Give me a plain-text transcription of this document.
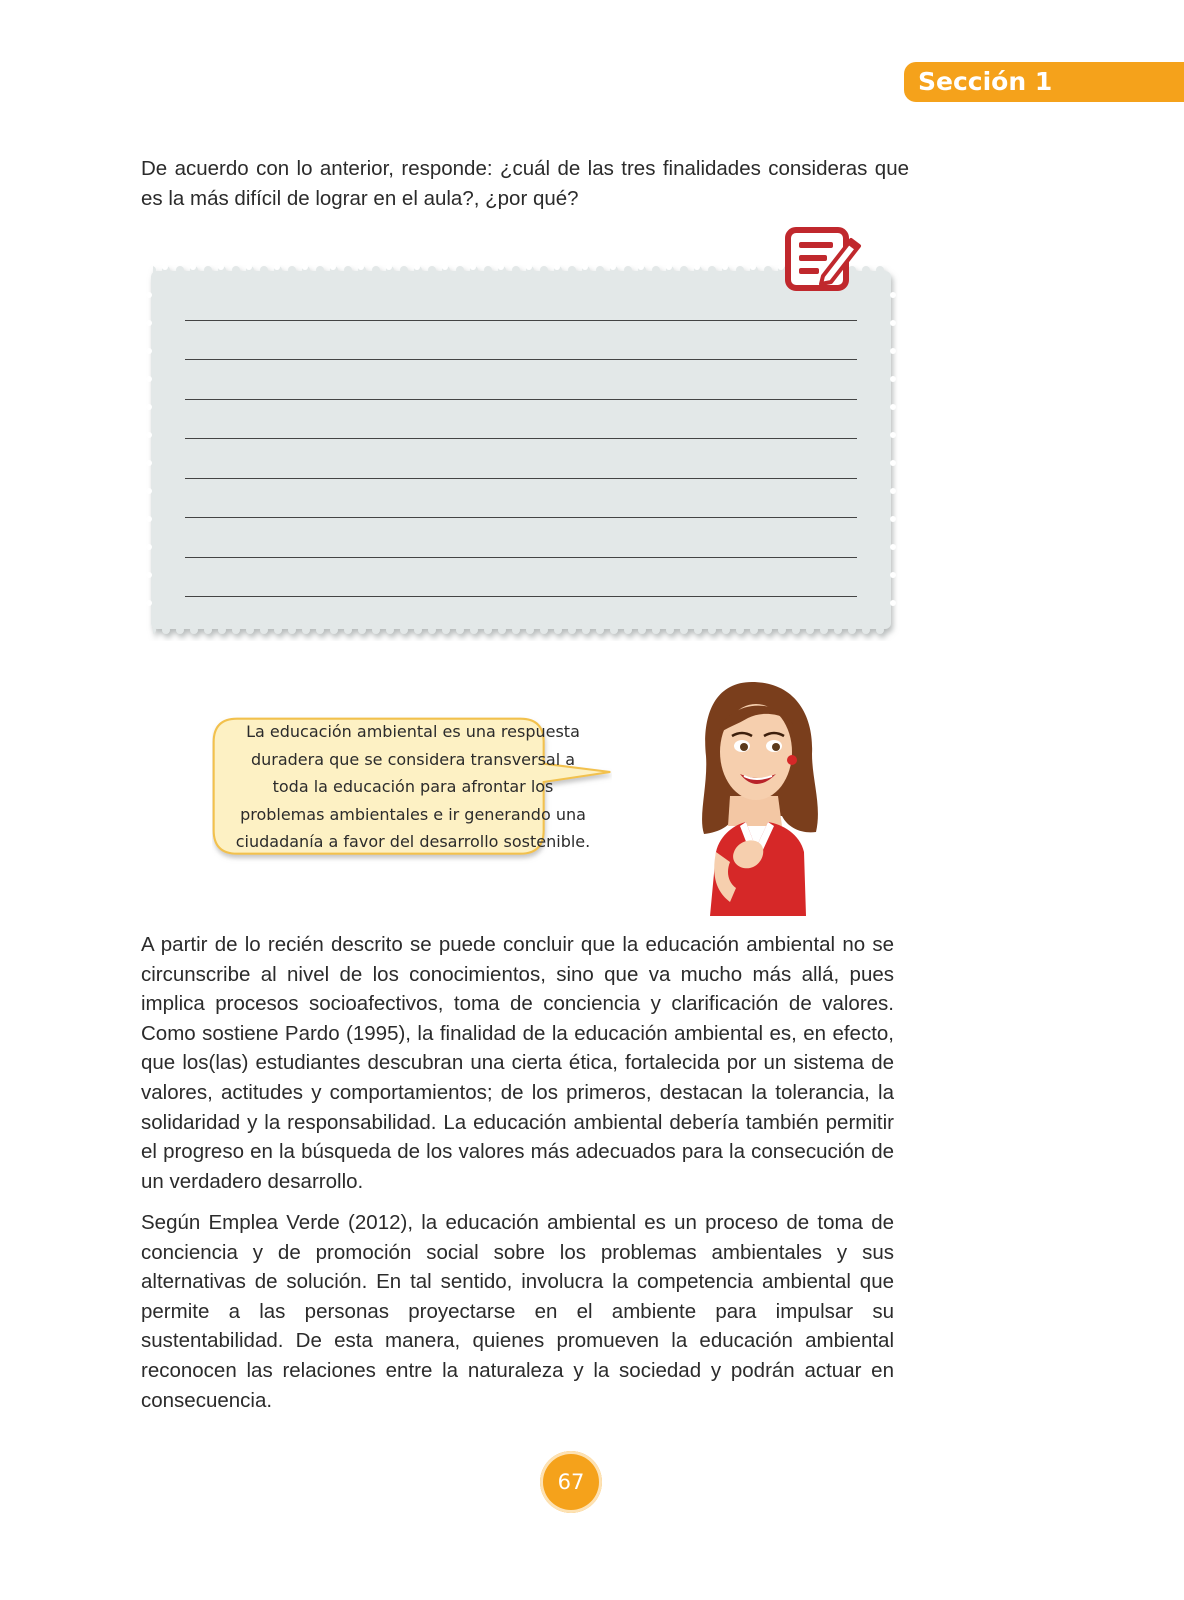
Sección 1

De acuerdo con lo anterior, responde: ¿cuál de las tres finalidades consideras que es la más difícil de lograr en el aula?, ¿por qué?

La educación ambiental es una respuesta duradera que se considera transversal a toda la educación para afrontar los problemas ambientales e ir generando una ciudadanía a favor del desarrollo sostenible.

A partir de lo recién descrito se puede concluir que la educación ambiental no se circunscribe al nivel de los conocimientos, sino que va mucho más allá, pues implica procesos socioafectivos, toma de conciencia y clarificación de valores. Como sostiene Pardo (1995), la finalidad de la educación ambiental es, en efecto, que los(las) estudiantes descubran una cierta ética, fortalecida por un sistema de valores, actitudes y comportamientos; de los primeros, destacan la tolerancia, la solidaridad y la responsabilidad. La educación ambiental debería también permitir el progreso en la búsqueda de los valores más adecuados para la consecución de un verdadero desarrollo.

Según Emplea Verde (2012), la educación ambiental es un proceso de toma de conciencia y de promoción social sobre los problemas ambientales y sus alternativas de solución. En tal sentido, involucra la competencia ambiental que permite a las personas proyectarse en el ambiente para impulsar su sustentabilidad. De esta manera, quienes promueven la educación ambiental reconocen las relaciones entre la naturaleza y la sociedad y podrán actuar en consecuencia.

67
